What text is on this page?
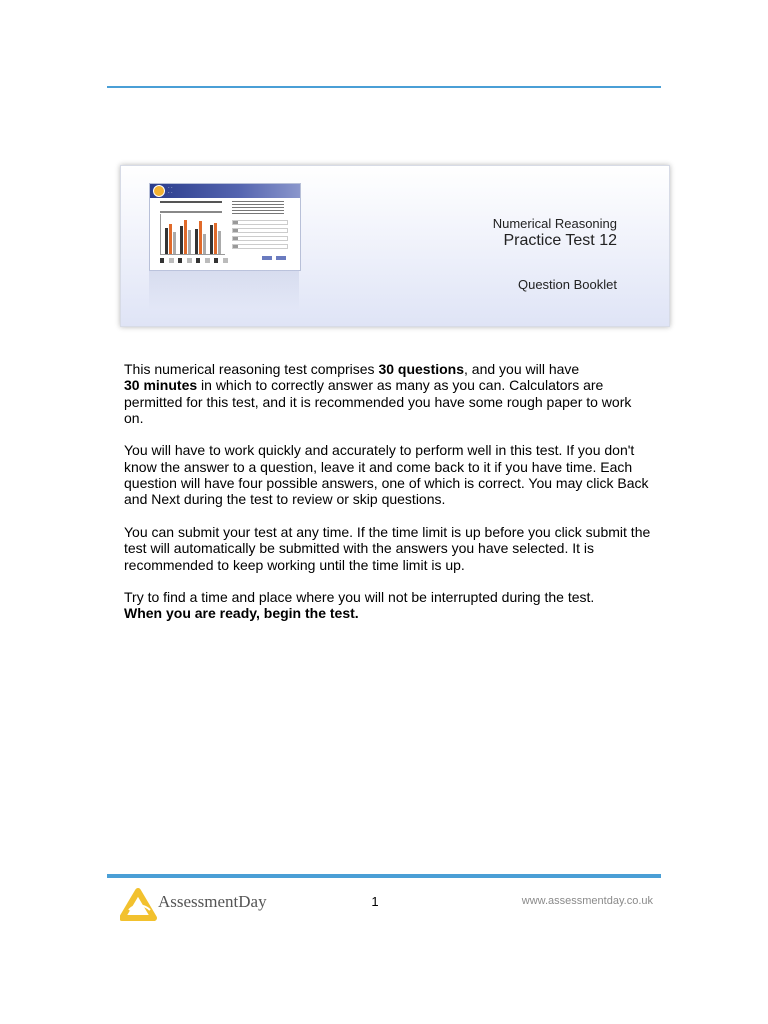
· ·
· ·
Numerical Reasoning
Practice Test 12
Question Booklet

This numerical reasoning test comprises 30 questions, and you will have
30 minutes in which to correctly answer as many as you can. Calculators are permitted for this test, and it is recommended you have some rough paper to work on.

You will have to work quickly and accurately to perform well in this test. If you don't know the answer to a question, leave it and come back to it if you have time. Each question will have four possible answers, one of which is correct. You may click Back and Next during the test to review or skip questions.

You can submit your test at any time. If the time limit is up before you click submit the test will automatically be submitted with the answers you have selected. It is recommended to keep working until the time limit is up.

Try to find a time and place where you will not be interrupted during the test.
When you are ready, begin the test.

AssessmentDay	1	www.assessmentday.co.uk
